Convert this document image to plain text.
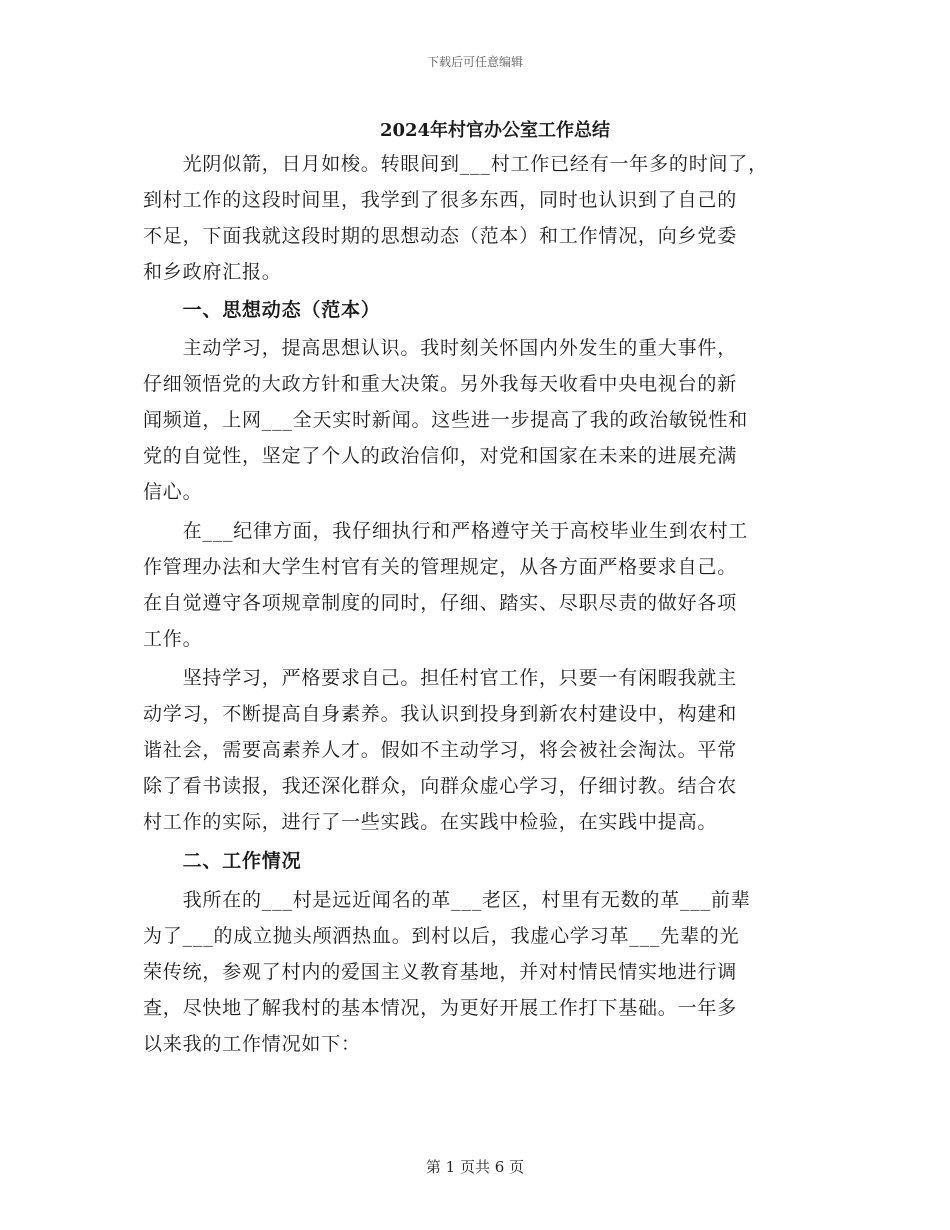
下载后可任意编辑
2024年村官办公室工作总结
　　光阴似箭，日月如梭。转眼间到___村工作已经有一年多的时间了，
到村工作的这段时间里，我学到了很多东西，同时也认识到了自己的
不足，下面我就这段时期的思想动态（范本）和工作情况，向乡党委
和乡政府汇报。
　　一、思想动态（范本）
　　主动学习，提高思想认识。我时刻关怀国内外发生的重大事件，
仔细领悟党的大政方针和重大决策。另外我每天收看中央电视台的新
闻频道，上网___全天实时新闻。这些进一步提高了我的政治敏锐性和
党的自觉性，坚定了个人的政治信仰，对党和国家在未来的进展充满
信心。
　　在___纪律方面，我仔细执行和严格遵守关于高校毕业生到农村工
作管理办法和大学生村官有关的管理规定，从各方面严格要求自己。
在自觉遵守各项规章制度的同时，仔细、踏实、尽职尽责的做好各项
工作。
　　坚持学习，严格要求自己。担任村官工作，只要一有闲暇我就主
动学习，不断提高自身素养。我认识到投身到新农村建设中，构建和
谐社会，需要高素养人才。假如不主动学习，将会被社会淘汰。平常
除了看书读报，我还深化群众，向群众虚心学习，仔细讨教。结合农
村工作的实际，进行了一些实践。在实践中检验，在实践中提高。
　　二、工作情况
　　我所在的___村是远近闻名的革___老区，村里有无数的革___前辈
为了___的成立抛头颅洒热血。到村以后，我虚心学习革___先辈的光
荣传统，参观了村内的爱国主义教育基地，并对村情民情实地进行调
查，尽快地了解我村的基本情况，为更好开展工作打下基础。一年多
以来我的工作情况如下：
第 1 页共 6 页
